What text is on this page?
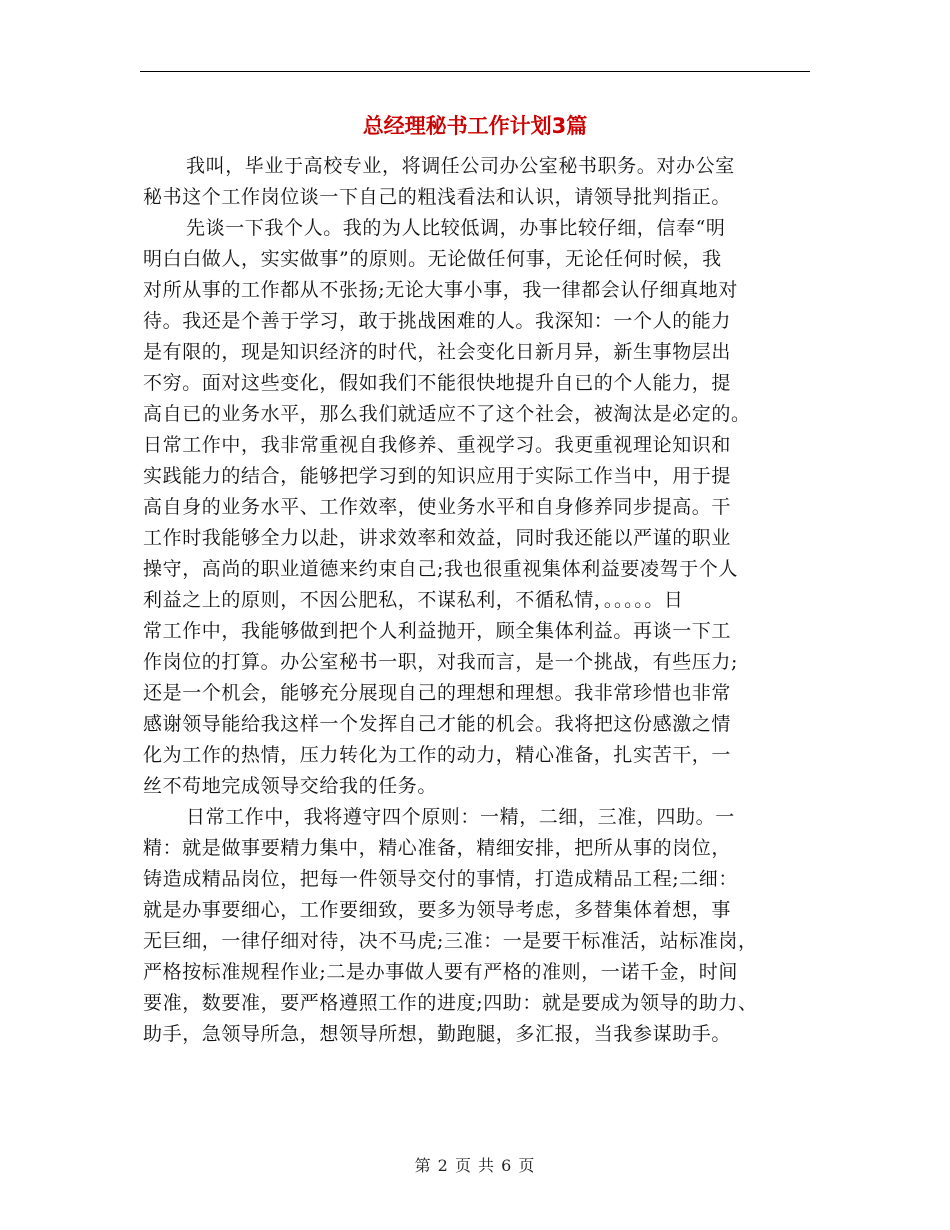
总经理秘书工作计划3篇
我叫，毕业于高校专业，将调任公司办公室秘书职务。对办公室
秘书这个工作岗位谈一下自己的粗浅看法和认识，请领导批判指正。
先谈一下我个人。我的为人比较低调，办事比较仔细，信奉“明
明白白做人，实实做事”的原则。无论做任何事，无论任何时候，我
对所从事的工作都从不张扬;无论大事小事，我一律都会认仔细真地对
待。我还是个善于学习，敢于挑战困难的人。我深知：一个人的能力
是有限的，现是知识经济的时代，社会变化日新月异，新生事物层出
不穷。面对这些变化，假如我们不能很快地提升自已的个人能力，提
高自已的业务水平，那么我们就适应不了这个社会，被淘汰是必定的。
日常工作中，我非常重视自我修养、重视学习。我更重视理论知识和
实践能力的结合，能够把学习到的知识应用于实际工作当中，用于提
高自身的业务水平、工作效率，使业务水平和自身修养同步提高。干
工作时我能够全力以赴，讲求效率和效益，同时我还能以严谨的职业
操守，高尚的职业道德来约束自己;我也很重视集体利益要凌驾于个人
利益之上的原则，不因公肥私，不谋私利，不循私情，。。。。。日
常工作中，我能够做到把个人利益抛开，顾全集体利益。再谈一下工
作岗位的打算。办公室秘书一职，对我而言，是一个挑战，有些压力;
还是一个机会，能够充分展现自己的理想和理想。我非常珍惜也非常
感谢领导能给我这样一个发挥自己才能的机会。我将把这份感激之情
化为工作的热情，压力转化为工作的动力，精心准备，扎实苦干，一
丝不苟地完成领导交给我的任务。
日常工作中，我将遵守四个原则：一精，二细，三准，四助。一
精：就是做事要精力集中，精心准备，精细安排，把所从事的岗位，
铸造成精品岗位，把每一件领导交付的事情，打造成精品工程;二细：
就是办事要细心，工作要细致，要多为领导考虑，多替集体着想，事
无巨细，一律仔细对待，决不马虎;三准：一是要干标准活，站标准岗，
严格按标准规程作业;二是办事做人要有严格的准则，一诺千金，时间
要准，数要准，要严格遵照工作的进度;四助：就是要成为领导的助力、
助手，急领导所急，想领导所想，勤跑腿，多汇报，当我参谋助手。
第 2 页 共 6 页
